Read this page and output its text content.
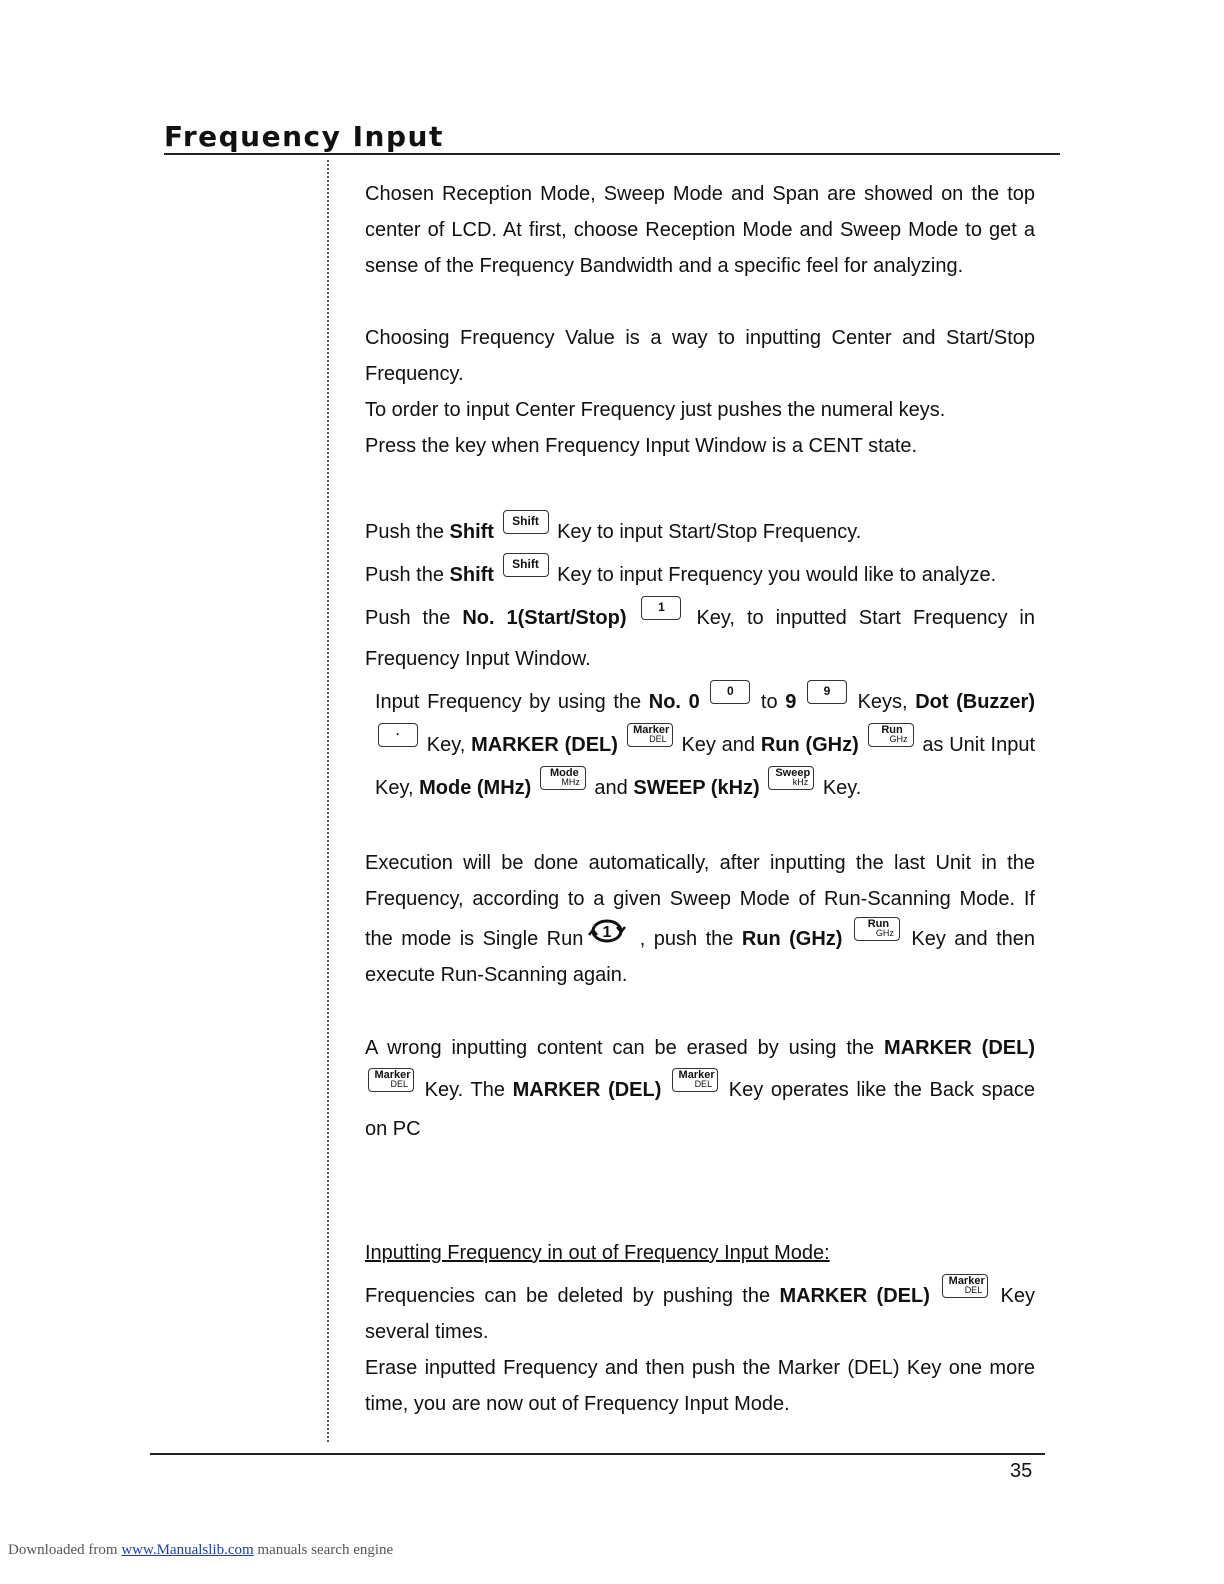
Frequency Input

Chosen Reception Mode, Sweep Mode and Span are showed on the top center of LCD. At first, choose Reception Mode and Sweep Mode to get a sense of the Frequency Bandwidth and a specific feel for analyzing.

Choosing Frequency Value is a way to inputting Center and Start/Stop Frequency.

To order to input Center Frequency just pushes the numeral keys.

Press the key when Frequency Input Window is a CENT state.

Push the Shift	Shift Key to input Start/Stop Frequency.

Push the Shift	Shift Key to input Frequency you would like to analyze.

Push the No. 1(Start/Stop)	1	Key, to inputted Start Frequency in Frequency Input Window.

Input Frequency by using the No. 0	0	to 9	9	Keys, Dot (Buzzer)
·	Key, MARKER (DEL)
Marker
DEL Key and Run (GHz)
Run
GHz as Unit Input Key, Mode (MHz)
Mode
MHz and SWEEP (kHz)
Sweep
kHz Key.

Execution will be done automatically, after inputting the last Unit in the Frequency, according to a given Sweep Mode of Run-Scanning Mode. If the mode is Single Run 1 , push the Run (GHz)
Run
GHz Key and then execute Run-Scanning again.

A wrong inputting content can be erased by using the MARKER (DEL)
Marker
DEL Key. The MARKER (DEL)
Marker
DEL Key operates like the Back space on PC

Inputting Frequency in out of Frequency Input Mode:

Frequencies can be deleted by pushing the MARKER (DEL)
Marker
DEL Key several times.

Erase inputted Frequency and then push the Marker (DEL) Key one more time, you are now out of Frequency Input Mode.

35
Downloaded from www.Manualslib.com manuals search engine
